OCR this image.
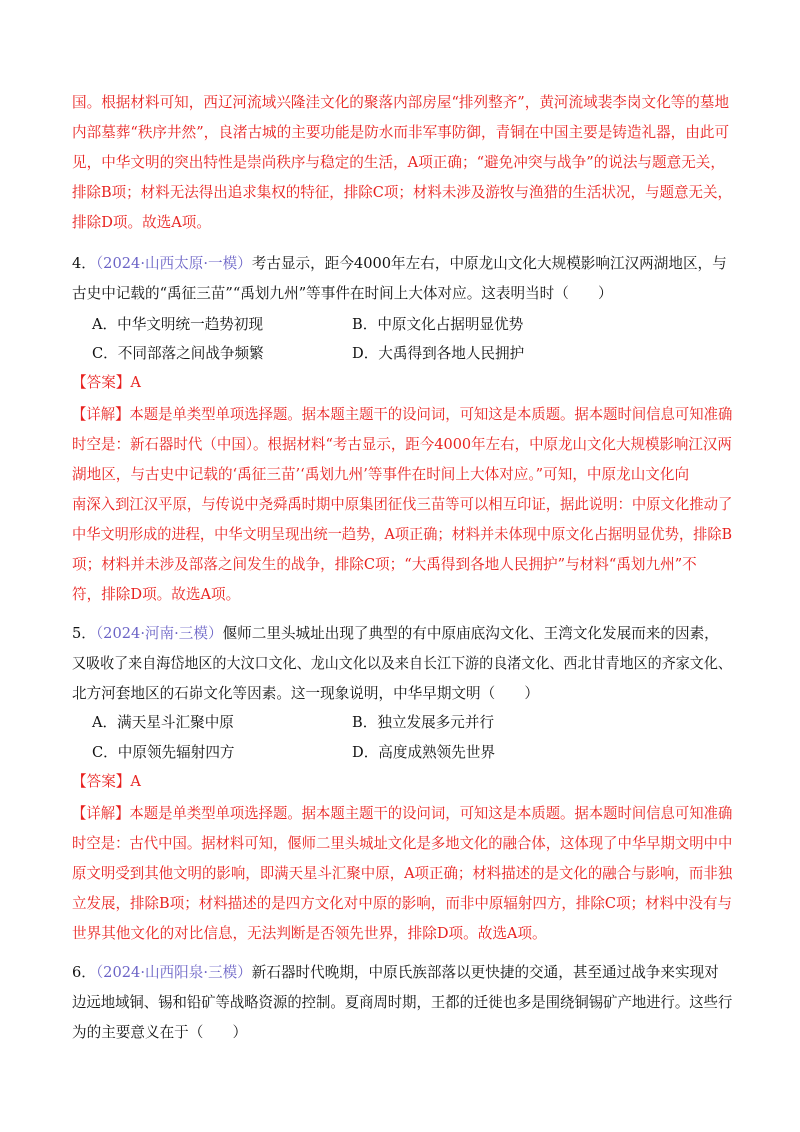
国。根据材料可知，西辽河流域兴隆洼文化的聚落内部房屋“排列整齐”，黄河流域裴李岗文化等的墓地
内部墓葬“秩序井然”，良渚古城的主要功能是防水而非军事防御，青铜在中国主要是铸造礼器，由此可
见，中华文明的突出特性是崇尚秩序与稳定的生活，A项正确；“避免冲突与战争”的说法与题意无关，
排除B项；材料无法得出追求集权的特征，排除C项；材料未涉及游牧与渔猎的生活状况，与题意无关，
排除D项。故选A项。
4．（2024·山西太原·一模）考古显示，距今4000年左右，中原龙山文化大规模影响江汉两湖地区，与
古史中记载的“禹征三苗”“禹划九州”等事件在时间上大体对应。这表明当时（　　）
A．中华文明统一趋势初现	B．中原文化占据明显优势
C．不同部落之间战争频繁	D．大禹得到各地人民拥护
【答案】A
【详解】本题是单类型单项选择题。据本题主题干的设问词，可知这是本质题。据本题时间信息可知准确
时空是：新石器时代（中国）。根据材料“考古显示，距今4000年左右，中原龙山文化大规模影响江汉两
湖地区，与古史中记载的‘禹征三苗’‘禹划九州’等事件在时间上大体对应。”可知，中原龙山文化向
南深入到江汉平原，与传说中尧舜禹时期中原集团征伐三苗等可以相互印证，据此说明：中原文化推动了
中华文明形成的进程，中华文明呈现出统一趋势，A项正确；材料并未体现中原文化占据明显优势，排除B
项；材料并未涉及部落之间发生的战争，排除C项；“大禹得到各地人民拥护”与材料“禹划九州”不
符，排除D项。故选A项。
5．（2024·河南·三模）偃师二里头城址出现了典型的有中原庙底沟文化、王湾文化发展而来的因素，
又吸收了来自海岱地区的大汶口文化、龙山文化以及来自长江下游的良渚文化、西北甘青地区的齐家文化、
北方河套地区的石峁文化等因素。这一现象说明，中华早期文明（　　）
A．满天星斗汇聚中原	B．独立发展多元并行
C．中原领先辐射四方	D．高度成熟领先世界
【答案】A
【详解】本题是单类型单项选择题。据本题主题干的设问词，可知这是本质题。据本题时间信息可知准确
时空是：古代中国。据材料可知，偃师二里头城址文化是多地文化的融合体，这体现了中华早期文明中中
原文明受到其他文明的影响，即满天星斗汇聚中原，A项正确；材料描述的是文化的融合与影响，而非独
立发展，排除B项；材料描述的是四方文化对中原的影响，而非中原辐射四方，排除C项；材料中没有与
世界其他文化的对比信息，无法判断是否领先世界，排除D项。故选A项。
6．（2024·山西阳泉·三模）新石器时代晚期，中原氏族部落以更快捷的交通，甚至通过战争来实现对
边远地域铜、锡和铅矿等战略资源的控制。夏商周时期，王都的迁徙也多是围绕铜锡矿产地进行。这些行
为的主要意义在于（　　）
